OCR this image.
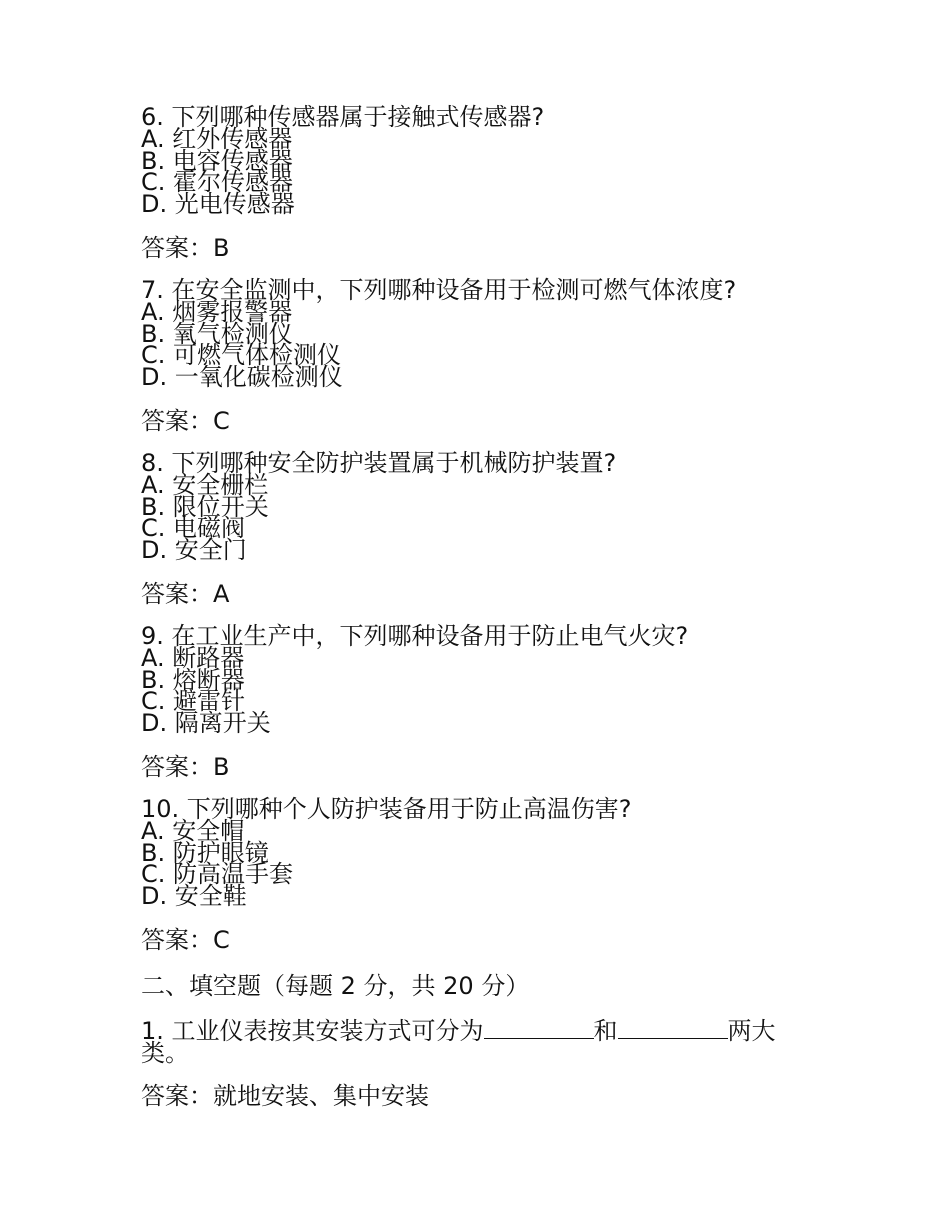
6. 下列哪种传感器属于接触式传感器?
A. 红外传感器
B. 电容传感器
C. 霍尔传感器
D. 光电传感器
答案：B
7. 在安全监测中，下列哪种设备用于检测可燃气体浓度?
A. 烟雾报警器
B. 氧气检测仪
C. 可燃气体检测仪
D. 一氧化碳检测仪
答案：C
8. 下列哪种安全防护装置属于机械防护装置?
A. 安全栅栏
B. 限位开关
C. 电磁阀
D. 安全门
答案：A
9. 在工业生产中，下列哪种设备用于防止电气火灾?
A. 断路器
B. 熔断器
C. 避雷针
D. 隔离开关
答案：B
10. 下列哪种个人防护装备用于防止高温伤害?
A. 安全帽
B. 防护眼镜
C. 防高温手套
D. 安全鞋
答案：C
二、填空题（每题 2 分，共 20 分）
1. 工业仪表按其安装方式可分为	和	两大类。
答案：就地安装、集中安装
